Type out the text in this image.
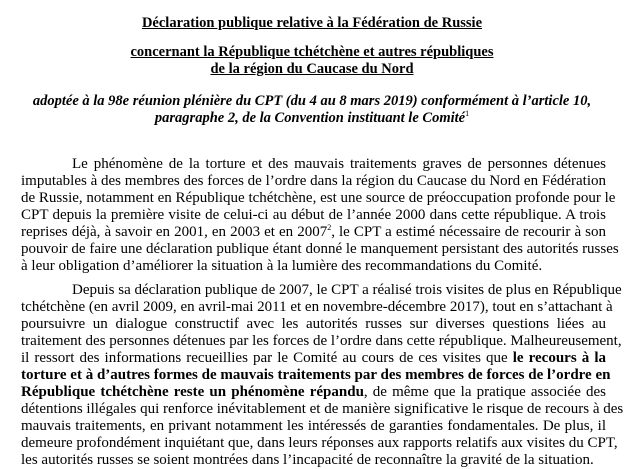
Déclaration publique relative à la Fédération de Russie

concernant la République tchétchène et autres républiques

de la région du Caucase du Nord

adoptée à la 98e réunion plénière du CPT (du 4 au 8 mars 2019) conformément à l’article 10,

paragraphe 2, de la Convention instituant le Comité$^1$

Le phénomène de la torture et des mauvais traitements graves de personnes détenues
imputables à des membres des forces de l’ordre dans la région du Caucase du Nord en Fédération
de Russie, notamment en République tchétchène, est une source de préoccupation profonde pour le
CPT depuis la première visite de celui-ci au début de l’année 2000 dans cette république. A trois
reprises déjà, à savoir en 2001, en 2003 et en 2007$^2$, le CPT a estimé nécessaire de recourir à son
pouvoir de faire une déclaration publique étant donné le manquement persistant des autorités russes
à leur obligation d’améliorer la situation à la lumière des recommandations du Comité.
Depuis sa déclaration publique de 2007, le CPT a réalisé trois visites de plus en République
tchétchène (en avril 2009, en avril-mai 2011 et en novembre-décembre 2017), tout en s’attachant à
poursuivre un dialogue constructif avec les autorités russes sur diverses questions liées au
traitement des personnes détenues par les forces de l’ordre dans cette république. Malheureusement,
il ressort des informations recueillies par le Comité au cours de ces visites que le recours à la
torture et à d’autres formes de mauvais traitements par des membres de forces de l’ordre en
République tchétchène reste un phénomène répandu, de même que la pratique associée des
détentions illégales qui renforce inévitablement et de manière significative le risque de recours à des
mauvais traitements, en privant notamment les intéressés de garanties fondamentales. De plus, il
demeure profondément inquiétant que, dans leurs réponses aux rapports relatifs aux visites du CPT,
les autorités russes se soient montrées dans l’incapacité de reconnaître la gravité de la situation.
